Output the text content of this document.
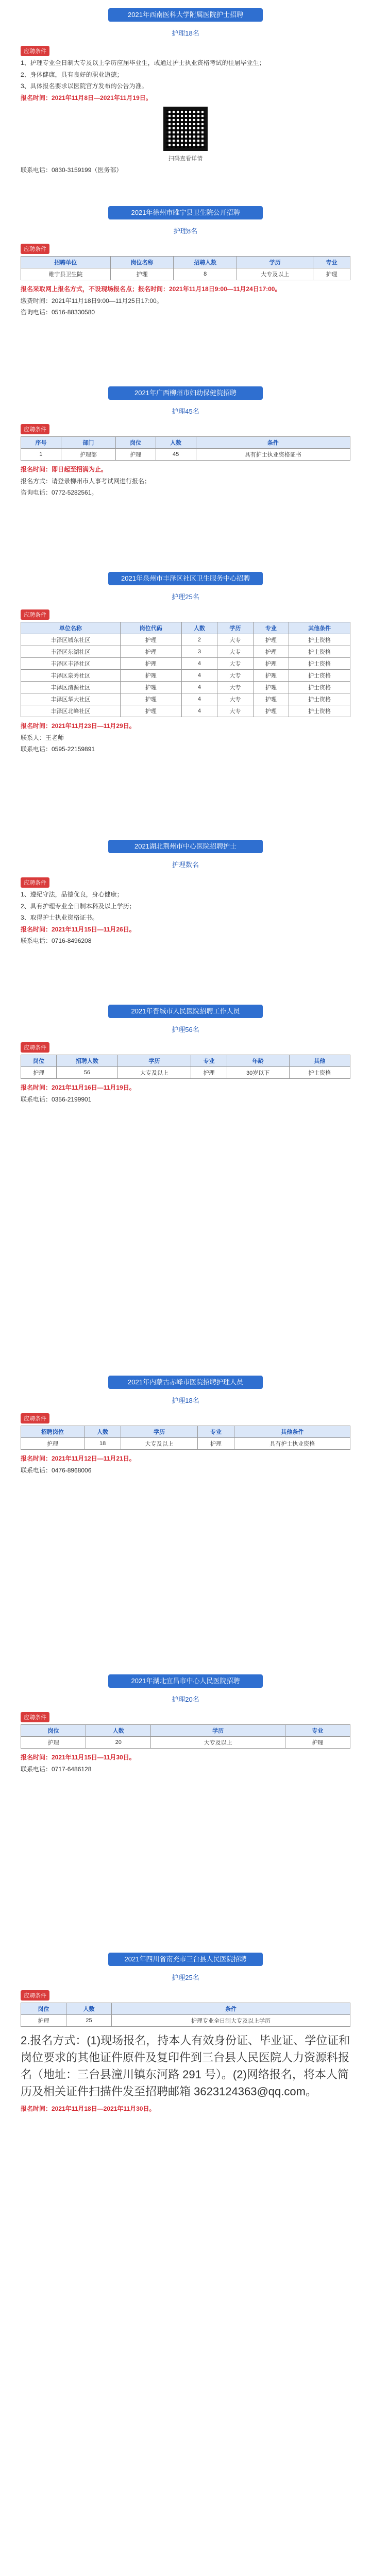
2021年西南医科大学附属医院护士招聘
护理18名
应聘条件

1、护理专业全日制大专及以上学历应届毕业生，或通过护士执业资格考试的往届毕业生；

2、身体健康，具有良好的职业道德；

3、具体报名要求以医院官方发布的公告为准。

报名时间：2021年11月8日—2021年11月19日。

扫码查看详情
联系电话：0830-3159199（医务部）
2021年徐州市睢宁县卫生院公开招聘
护理8名
应聘条件
招聘单位	岗位名称	招聘人数	学历	专业
睢宁县卫生院	护理	8	大专及以上	护理

报名采取网上报名方式，不设现场报名点；报名时间：2021年11月18日9:00—11月24日17:00。

缴费时间：2021年11月18日9:00—11月25日17:00。

咨询电话：0516-88330580

2021年广西柳州市妇幼保健院招聘
护理45名
应聘条件
序号	部门	岗位	人数	条件
1	护理部	护理	45	具有护士执业资格证书

报名时间：即日起至招满为止。

报名方式：请登录柳州市人事考试网进行报名；

咨询电话：0772-5282561。

2021年泉州市丰泽区社区卫生服务中心招聘
护理25名
应聘条件
单位名称	岗位代码	人数	学历	专业	其他条件
丰泽区城东社区	护理	2	大专	护理	护士资格
丰泽区东湖社区	护理	3	大专	护理	护士资格
丰泽区丰泽社区	护理	4	大专	护理	护士资格
丰泽区泉秀社区	护理	4	大专	护理	护士资格
丰泽区清源社区	护理	4	大专	护理	护士资格
丰泽区华大社区	护理	4	大专	护理	护士资格
丰泽区北峰社区	护理	4	大专	护理	护士资格

报名时间：2021年11月23日—11月29日。

联系人：王老师

联系电话：0595-22159891

2021湖北荆州市中心医院招聘护士
护理数名
应聘条件

1、遵纪守法，品德优良，身心健康；

2、具有护理专业全日制本科及以上学历；

3、取得护士执业资格证书。

报名时间：2021年11月15日—11月26日。

联系电话：0716-8496208

2021年晋城市人民医院招聘工作人员
护理56名
应聘条件
岗位	招聘人数	学历	专业	年龄	其他
护理	56	大专及以上	护理	30岁以下	护士资格

报名时间：2021年11月16日—11月19日。

联系电话：0356-2199901

2021年内蒙古赤峰市医院招聘护理人员
护理18名
应聘条件
招聘岗位	人数	学历	专业	其他条件
护理	18	大专及以上	护理	具有护士执业资格

报名时间：2021年11月12日—11月21日。

联系电话：0476-8968006

2021年湖北宜昌市中心人民医院招聘
护理20名
应聘条件
岗位	人数	学历	专业
护理	20	大专及以上	护理

报名时间：2021年11月15日—11月30日。

联系电话：0717-6486128

2021年四川省南充市三台县人民医院招聘
护理25名
应聘条件
岗位	人数	条件
护理	25	护理专业全日制大专及以上学历
2.报名方式：(1)现场报名，持本人有效身份证、毕业证、学位证和岗位要求的其他证件原件及复印件到三台县人民医院人力资源科报名（地址：三台县潼川镇东河路 291 号）。(2)网络报名，将本人简历及相关证件扫描件发至招聘邮箱 3623124363@qq.com。

报名时间：2021年11月18日—2021年11月30日。
